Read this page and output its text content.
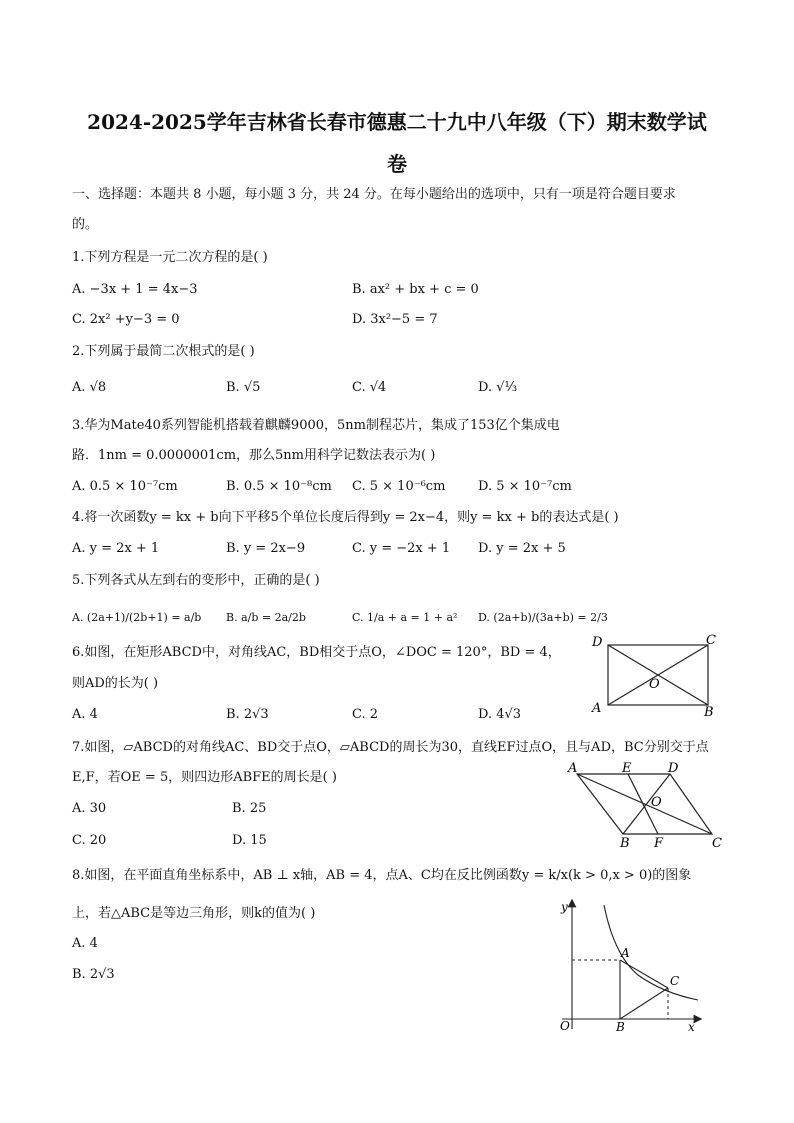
2024-2025学年吉林省长春市德惠二十九中八年级（下）期末数学试
卷
一、选择题：本题共 8 小题，每小题 3 分，共 24 分。在每小题给出的选项中，只有一项是符合题目要求
的。
1.下列方程是一元二次方程的是( )
A. −3x + 1 = 4x−3	B. ax² + bx + c = 0
C. 2x² +y−3 = 0	D. 3x²−5 = 7
2.下列属于最简二次根式的是( )
A. √8	B. √5	C. √4	D. √⅓
3.华为Mate40系列智能机搭载着麒麟9000，5nm制程芯片，集成了153亿个集成电
路．1nm = 0.0000001cm，那么5nm用科学记数法表示为( )
A. 0.5 × 10⁻⁷cm	B. 0.5 × 10⁻⁸cm C. 5 × 10⁻⁶cm	D. 5 × 10⁻⁷cm
4.将一次函数y = kx + b向下平移5个单位长度后得到y = 2x−4，则y = kx + b的表达式是( )
A. y = 2x + 1	B. y = 2x−9	C. y = −2x + 1 D. y = 2x + 5
5.下列各式从左到右的变形中，正确的是( )
A. (2a+1)/(2b+1) = a/b B. a/b = 2a/2b	C. 1/a + a = 1 + a² D. (2a+b)/(3a+b) = 2/3
6.如图，在矩形ABCD中，对角线AC，BD相交于点O，∠DOC = 120°，BD = 4，
则AD的长为( )
A. 4	B. 2√3	C. 2	D. 4√3
D	C
A	B
O
7.如图，▱ABCD的对角线AC、BD交于点O，▱ABCD的周长为30，直线EF过点O，且与AD，BC分别交于点
E,F，若OE = 5，则四边形ABFE的周长是( )
A. 30	B. 25
C. 20	D. 15
A	E	D
O
B F	C
8.如图，在平面直角坐标系中，AB ⊥ x轴，AB = 4，点A、C均在反比例函数y = k/x(k > 0,x > 0)的图象
上，若△ABC是等边三角形，则k的值为( )
A. 4
B. 2√3
y
x
O
A
B
C
